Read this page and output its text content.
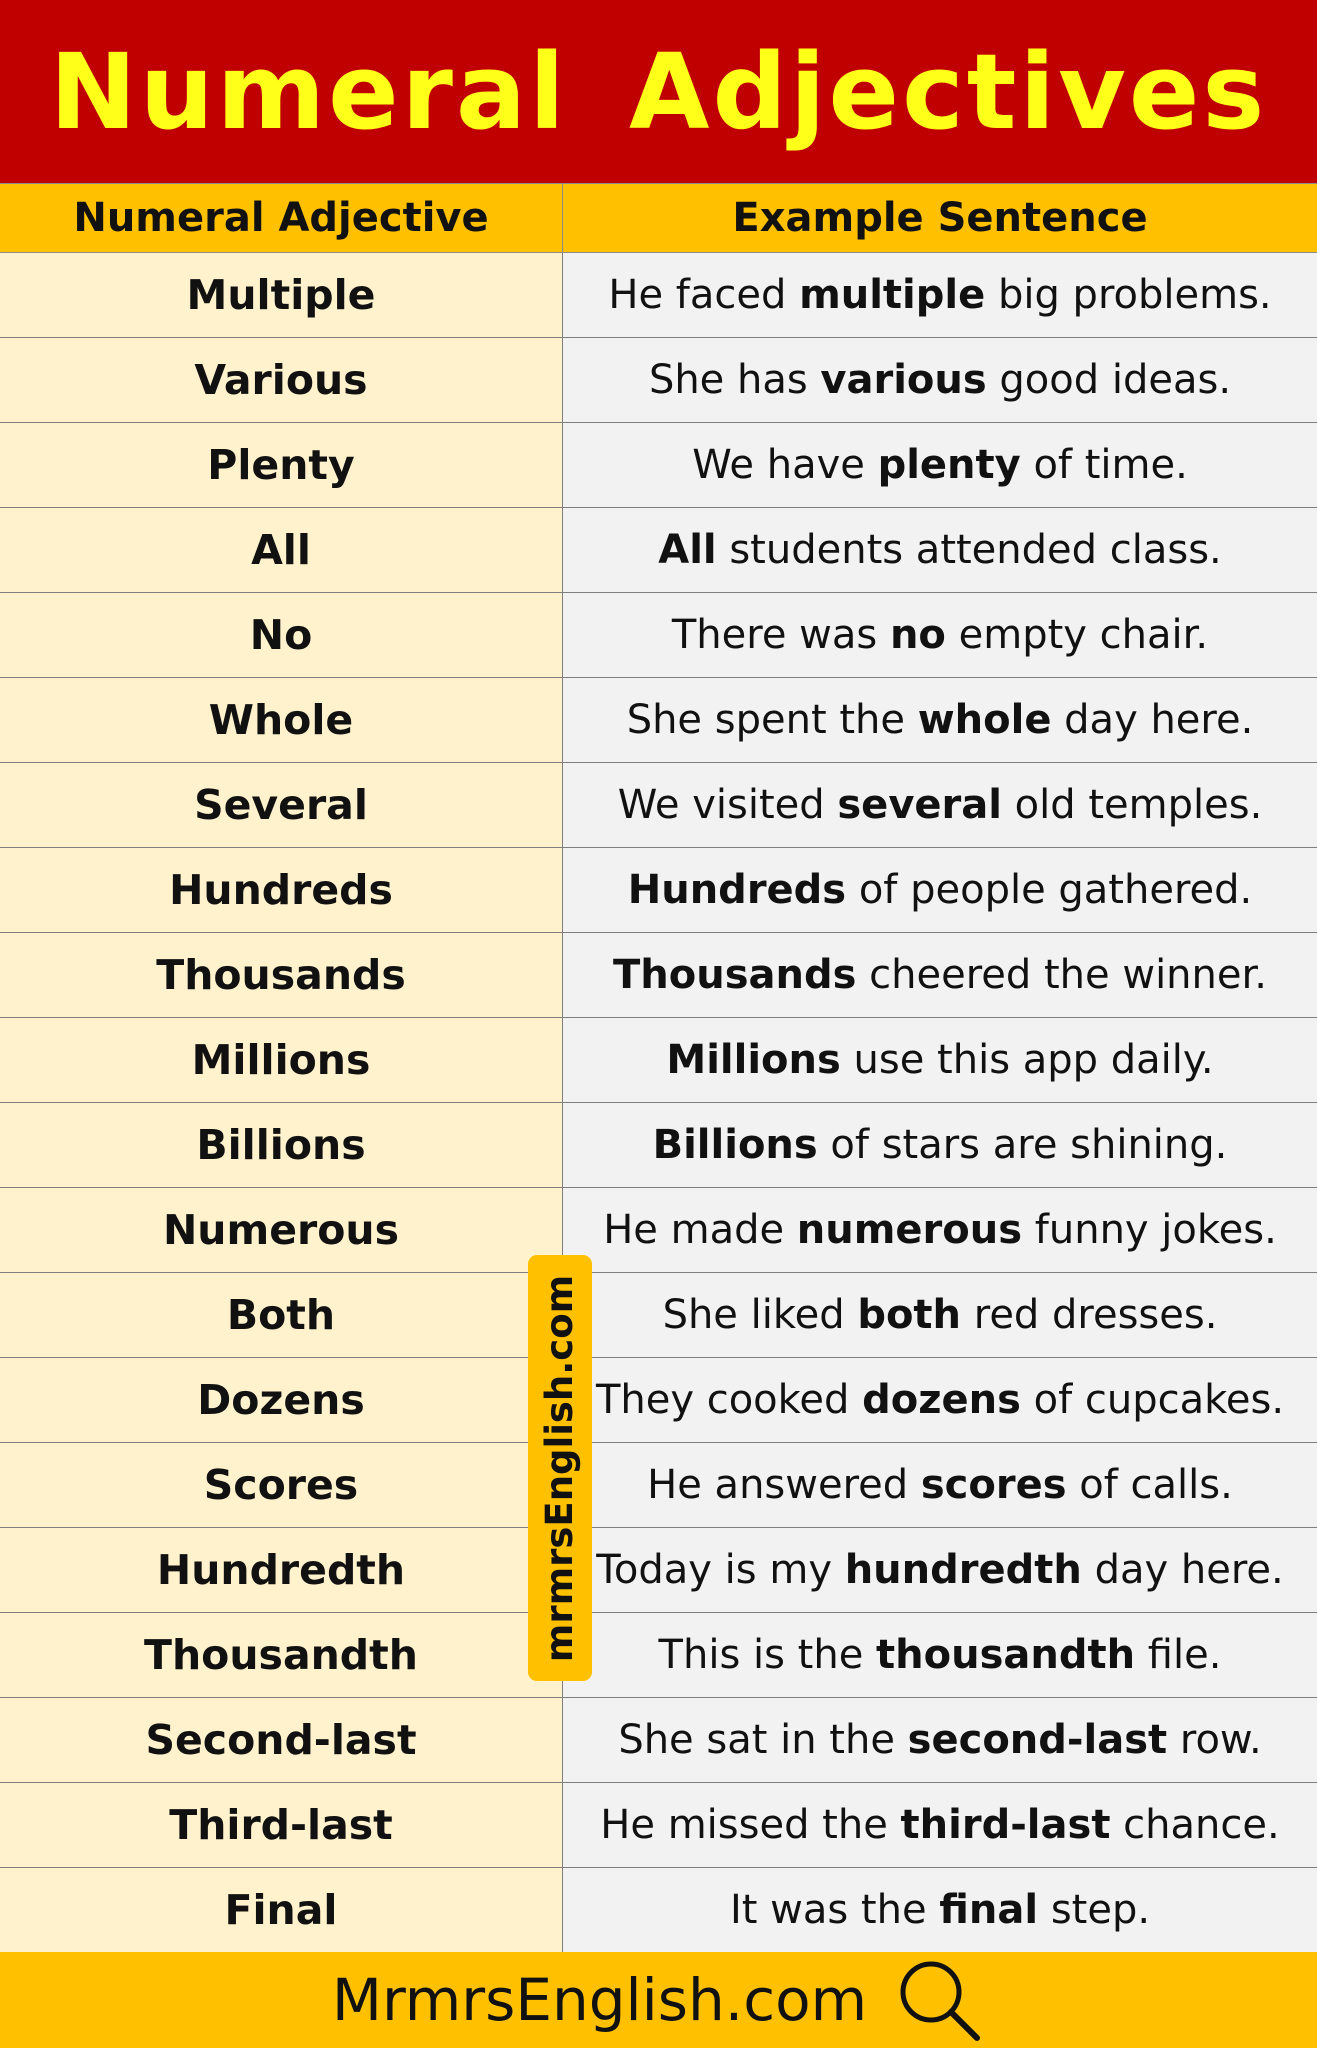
Numeral Adjectives
Numeral Adjective	Example Sentence
Multiple	He faced multiple big problems.
Various	She has various good ideas.
Plenty	We have plenty of time.
All	All students attended class.
No	There was no empty chair.
Whole	She spent the whole day here.
Several	We visited several old temples.
Hundreds	Hundreds of people gathered.
Thousands	Thousands cheered the winner.
Millions	Millions use this app daily.
Billions	Billions of stars are shining.
Numerous	He made numerous funny jokes.
Both	She liked both red dresses.
Dozens	They cooked dozens of cupcakes.
Scores	He answered scores of calls.
Hundredth	Today is my hundredth day here.
Thousandth	This is the thousandth file.
Second-last	She sat in the second-last row.
Third-last	He missed the third-last chance.
Final	It was the final step.
mrmrsEnglish.com
MrmrsEnglish.com
